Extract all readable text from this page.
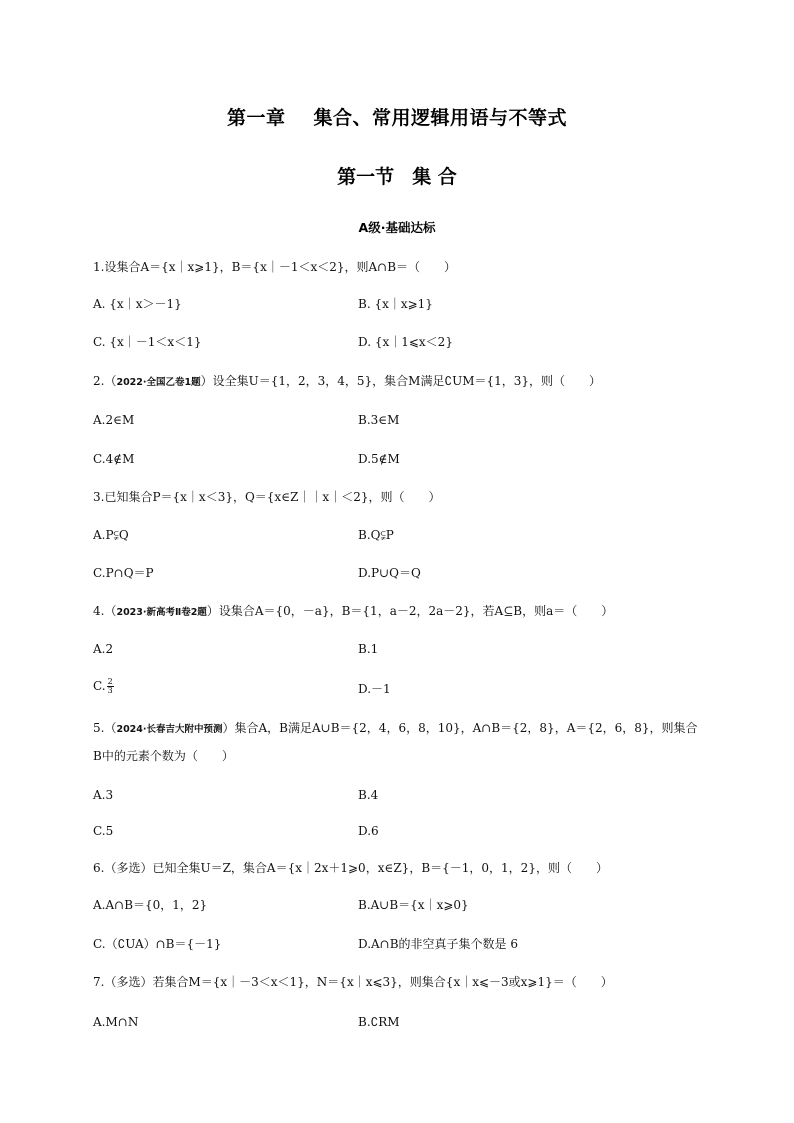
第一章 集合、常用逻辑用语与不等式
第一节 集 合
A级·基础达标
1.设集合A＝{x｜x⩾1}，B＝{x｜－1＜x＜2}，则A∩B＝（　　）
A. {x｜x＞－1}	B. {x｜x⩾1}
C. {x｜－1＜x＜1}	D. {x｜1⩽x＜2}
2.（2022·全国乙卷1题）设全集U＝{1，2，3，4，5}，集合M满足∁UM＝{1，3}，则（　　）
A.2∈M	B.3∈M
C.4∉M	D.5∉M
3.已知集合P＝{x｜x＜3}，Q＝{x∈Z｜｜x｜＜2}，则（　　）
A.P⫋Q	B.Q⫋P
C.P∩Q＝P	D.P∪Q＝Q
4.（2023·新高考Ⅱ卷2题）设集合A＝{0，－a}，B＝{1，a－2，2a－2}，若A⊆B，则a＝（　　）
A.2	B.1
C. $\frac{2}{3}$	D.－1
5.（2024·长春吉大附中预测）集合A，B满足A∪B＝{2，4，6，8，10}，A∩B＝{2，8}，A＝{2，6，8}，则集合B中的元素个数为（　　）
A.3	B.4
C.5	D.6
6.（多选）已知全集U＝Z，集合A＝{x｜2x＋1⩾0，x∈Z}，B＝{－1，0，1，2}，则（　　）
A.A∩B＝{0，1，2}	B.A∪B＝{x｜x⩾0}
C.（∁UA）∩B＝{－1}	D.A∩B的非空真子集个数是 6
7.（多选）若集合M＝{x｜－3＜x＜1}，N＝{x｜x⩽3}，则集合{x｜x⩽－3或x⩾1}＝（　　）
A.M∩N	B.∁RM
